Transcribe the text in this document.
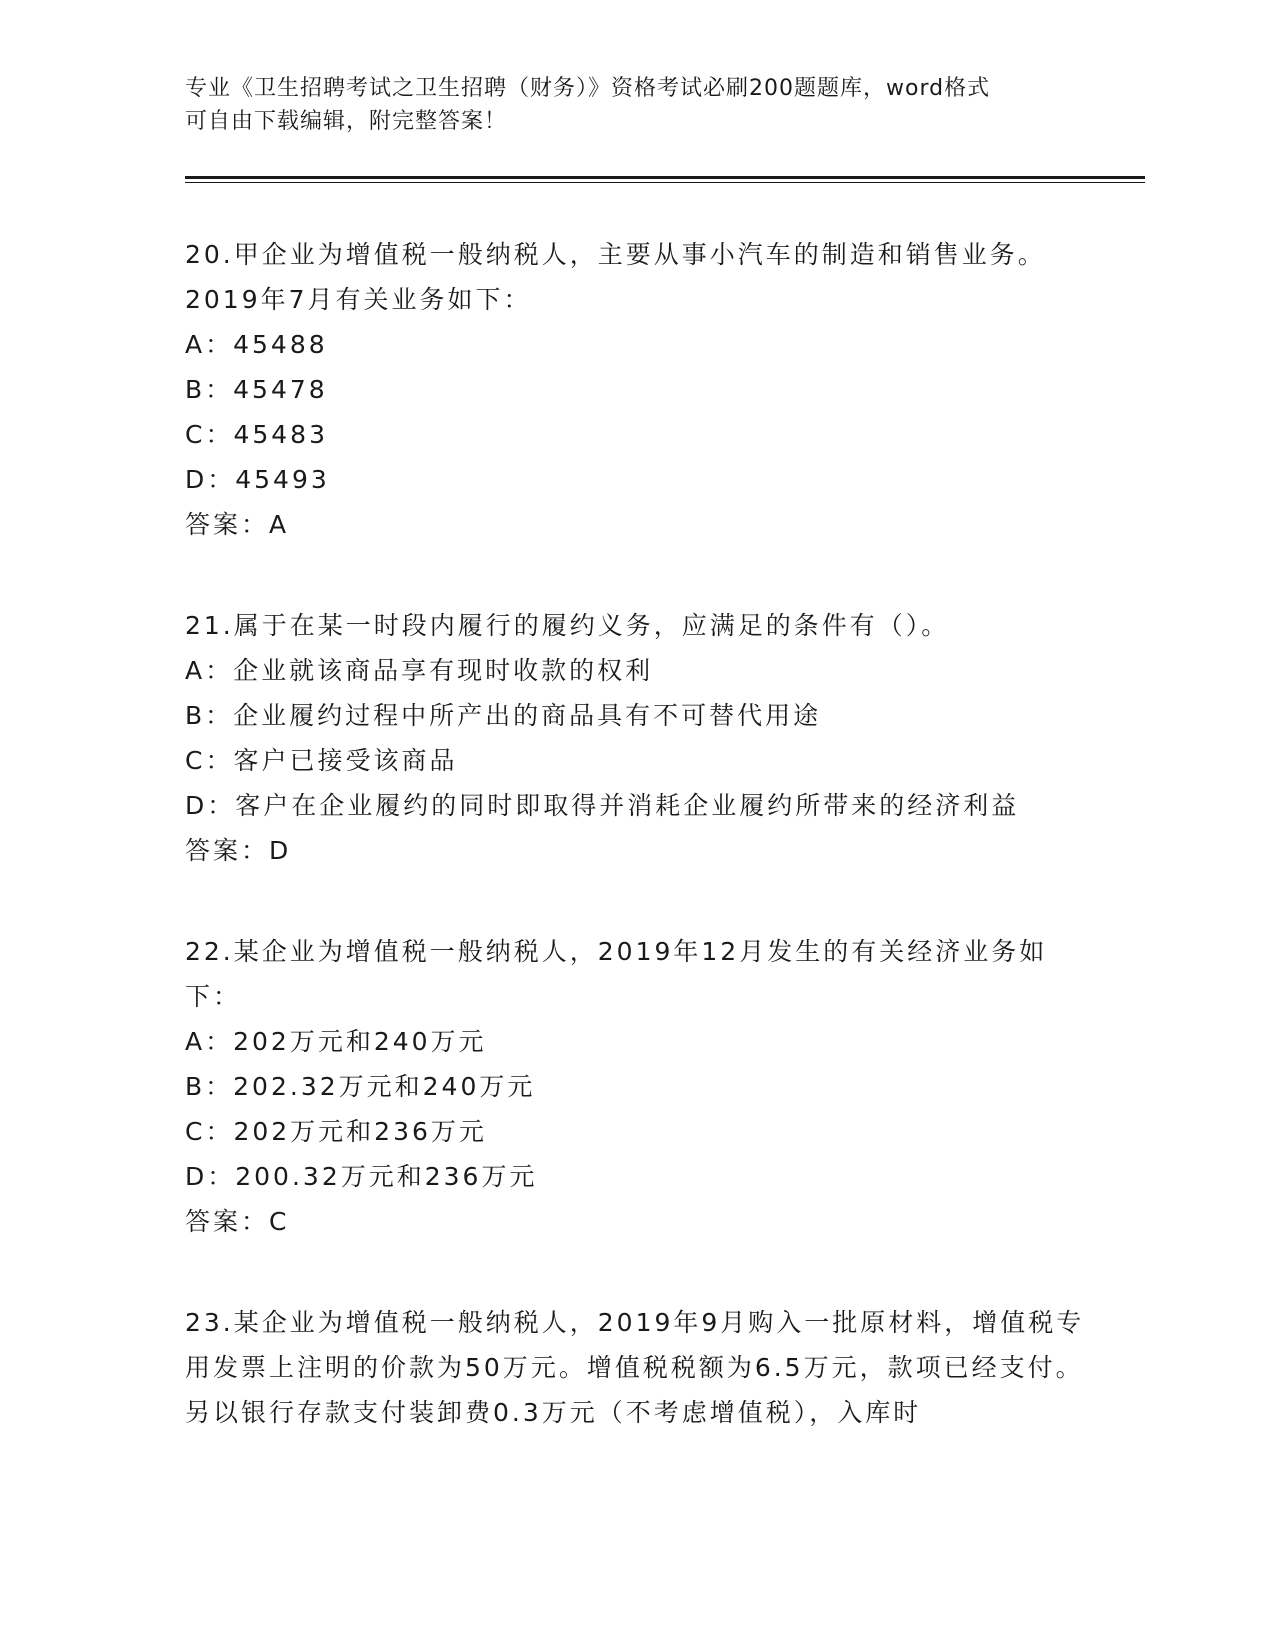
专业《卫生招聘考试之卫生招聘（财务）》资格考试必刷200题题库，word格式
可自由下载编辑，附完整答案！

20.甲企业为增值税一般纳税人，主要从事小汽车的制造和销售业务。2019年7月有关业务如下：

A：45488

B：45478

C：45483

D：45493

答案：A

21.属于在某一时段内履行的履约义务，应满足的条件有（）。

A：企业就该商品享有现时收款的权利

B：企业履约过程中所产出的商品具有不可替代用途

C：客户已接受该商品

D：客户在企业履约的同时即取得并消耗企业履约所带来的经济利益

答案：D

22.某企业为增值税一般纳税人，2019年12月发生的有关经济业务如下：

A：202万元和240万元

B：202.32万元和240万元

C：202万元和236万元

D：200.32万元和236万元

答案：C

23.某企业为增值税一般纳税人，2019年9月购入一批原材料，增值税专用发票上注明的价款为50万元。增值税税额为6.5万元，款项已经支付。另以银行存款支付装卸费0.3万元（不考虑增值税），入库时
